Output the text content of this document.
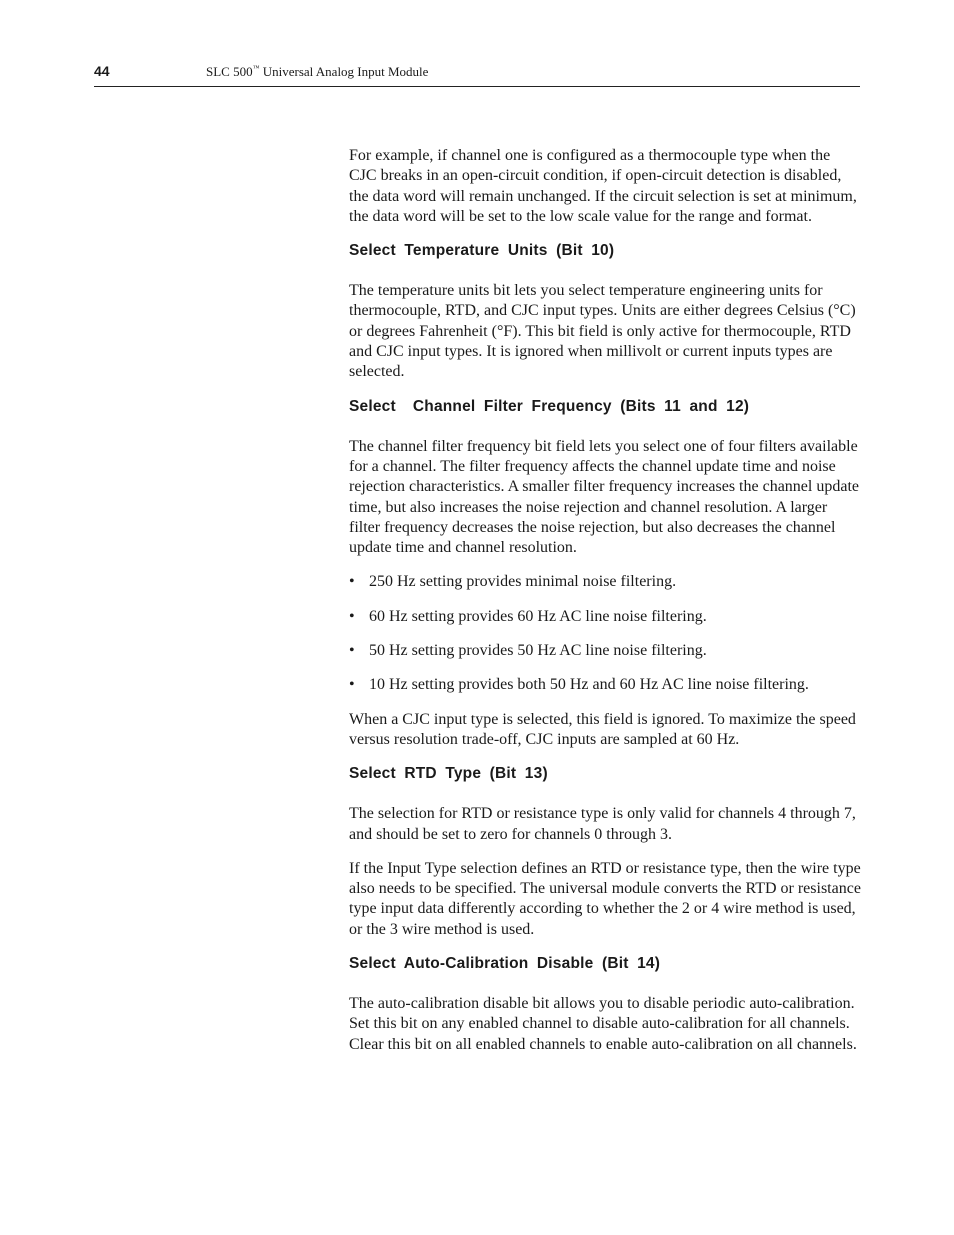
44	SLC 500™ Universal Analog Input Module

For example, if channel one is configured as a thermocouple type when the CJC breaks in an open-circuit condition, if open-circuit detection is disabled, the data word will remain unchanged. If the circuit selection is set at minimum, the data word will be set to the low scale value for the range and format.

Select Temperature Units (Bit 10)

The temperature units bit lets you select temperature engineering units for thermocouple, RTD, and CJC input types. Units are either degrees Celsius (°C) or degrees Fahrenheit (°F). This bit field is only active for thermocouple, RTD and CJC input types. It is ignored when millivolt or current inputs types are selected.

Select  Channel Filter Frequency (Bits 11 and 12)

The channel filter frequency bit field lets you select one of four filters available for a channel. The filter frequency affects the channel update time and noise rejection characteristics. A smaller filter frequency increases the channel update time, but also increases the noise rejection and channel resolution. A larger filter frequency decreases the noise rejection, but also decreases the channel update time and channel resolution.

• 250 Hz setting provides minimal noise filtering.
• 60 Hz setting provides 60 Hz AC line noise filtering.
• 50 Hz setting provides 50 Hz AC line noise filtering.
• 10 Hz setting provides both 50 Hz and 60 Hz AC line noise filtering.

When a CJC input type is selected, this field is ignored. To maximize the speed versus resolution trade-off, CJC inputs are sampled at 60 Hz.

Select RTD Type (Bit 13)

The selection for RTD or resistance type is only valid for channels 4 through 7, and should be set to zero for channels 0 through 3.

If the Input Type selection defines an RTD or resistance type, then the wire type also needs to be specified. The universal module converts the RTD or resistance type input data differently according to whether the 2 or 4 wire method is used, or the 3 wire method is used.

Select Auto-Calibration Disable (Bit 14)

The auto-calibration disable bit allows you to disable periodic auto-calibration. Set this bit on any enabled channel to disable auto-calibration for all channels. Clear this bit on all enabled channels to enable auto-calibration on all channels.
